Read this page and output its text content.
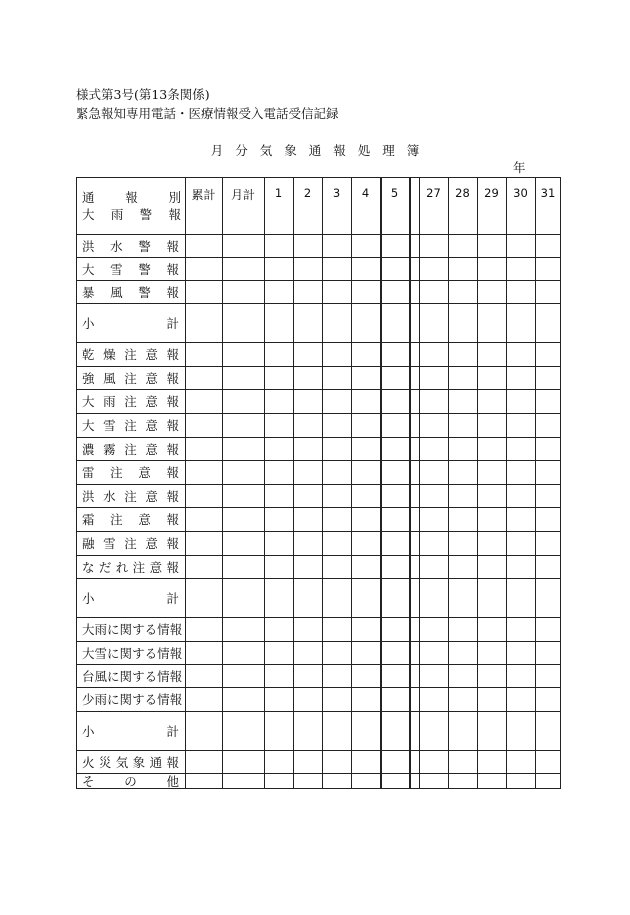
様式第3号(第13条関係)
緊急報知専用電話・医療情報受入電話受信記録
月分気象通報処理簿
年
通 報 別
大 雨 警 報
累計	月計	1	2	3	4	5	27	28	29	30	31
洪 水 警 報
大 雪 警 報
暴 風 警 報
小	計
乾 燥 注 意 報
強 風 注 意 報
大 雨 注 意 報
大 雪 注 意 報
濃 霧 注 意 報
雷 注 意 報
洪 水 注 意 報
霜 注 意 報
融 雪 注 意 報
な だ れ 注 意 報
小	計
大 雨 に 関 す る 情 報
大 雪 に 関 す る 情 報
台 風 に 関 す る 情 報
少 雨 に 関 す る 情 報
小	計
火 災 気 象 通 報
そ の 他
